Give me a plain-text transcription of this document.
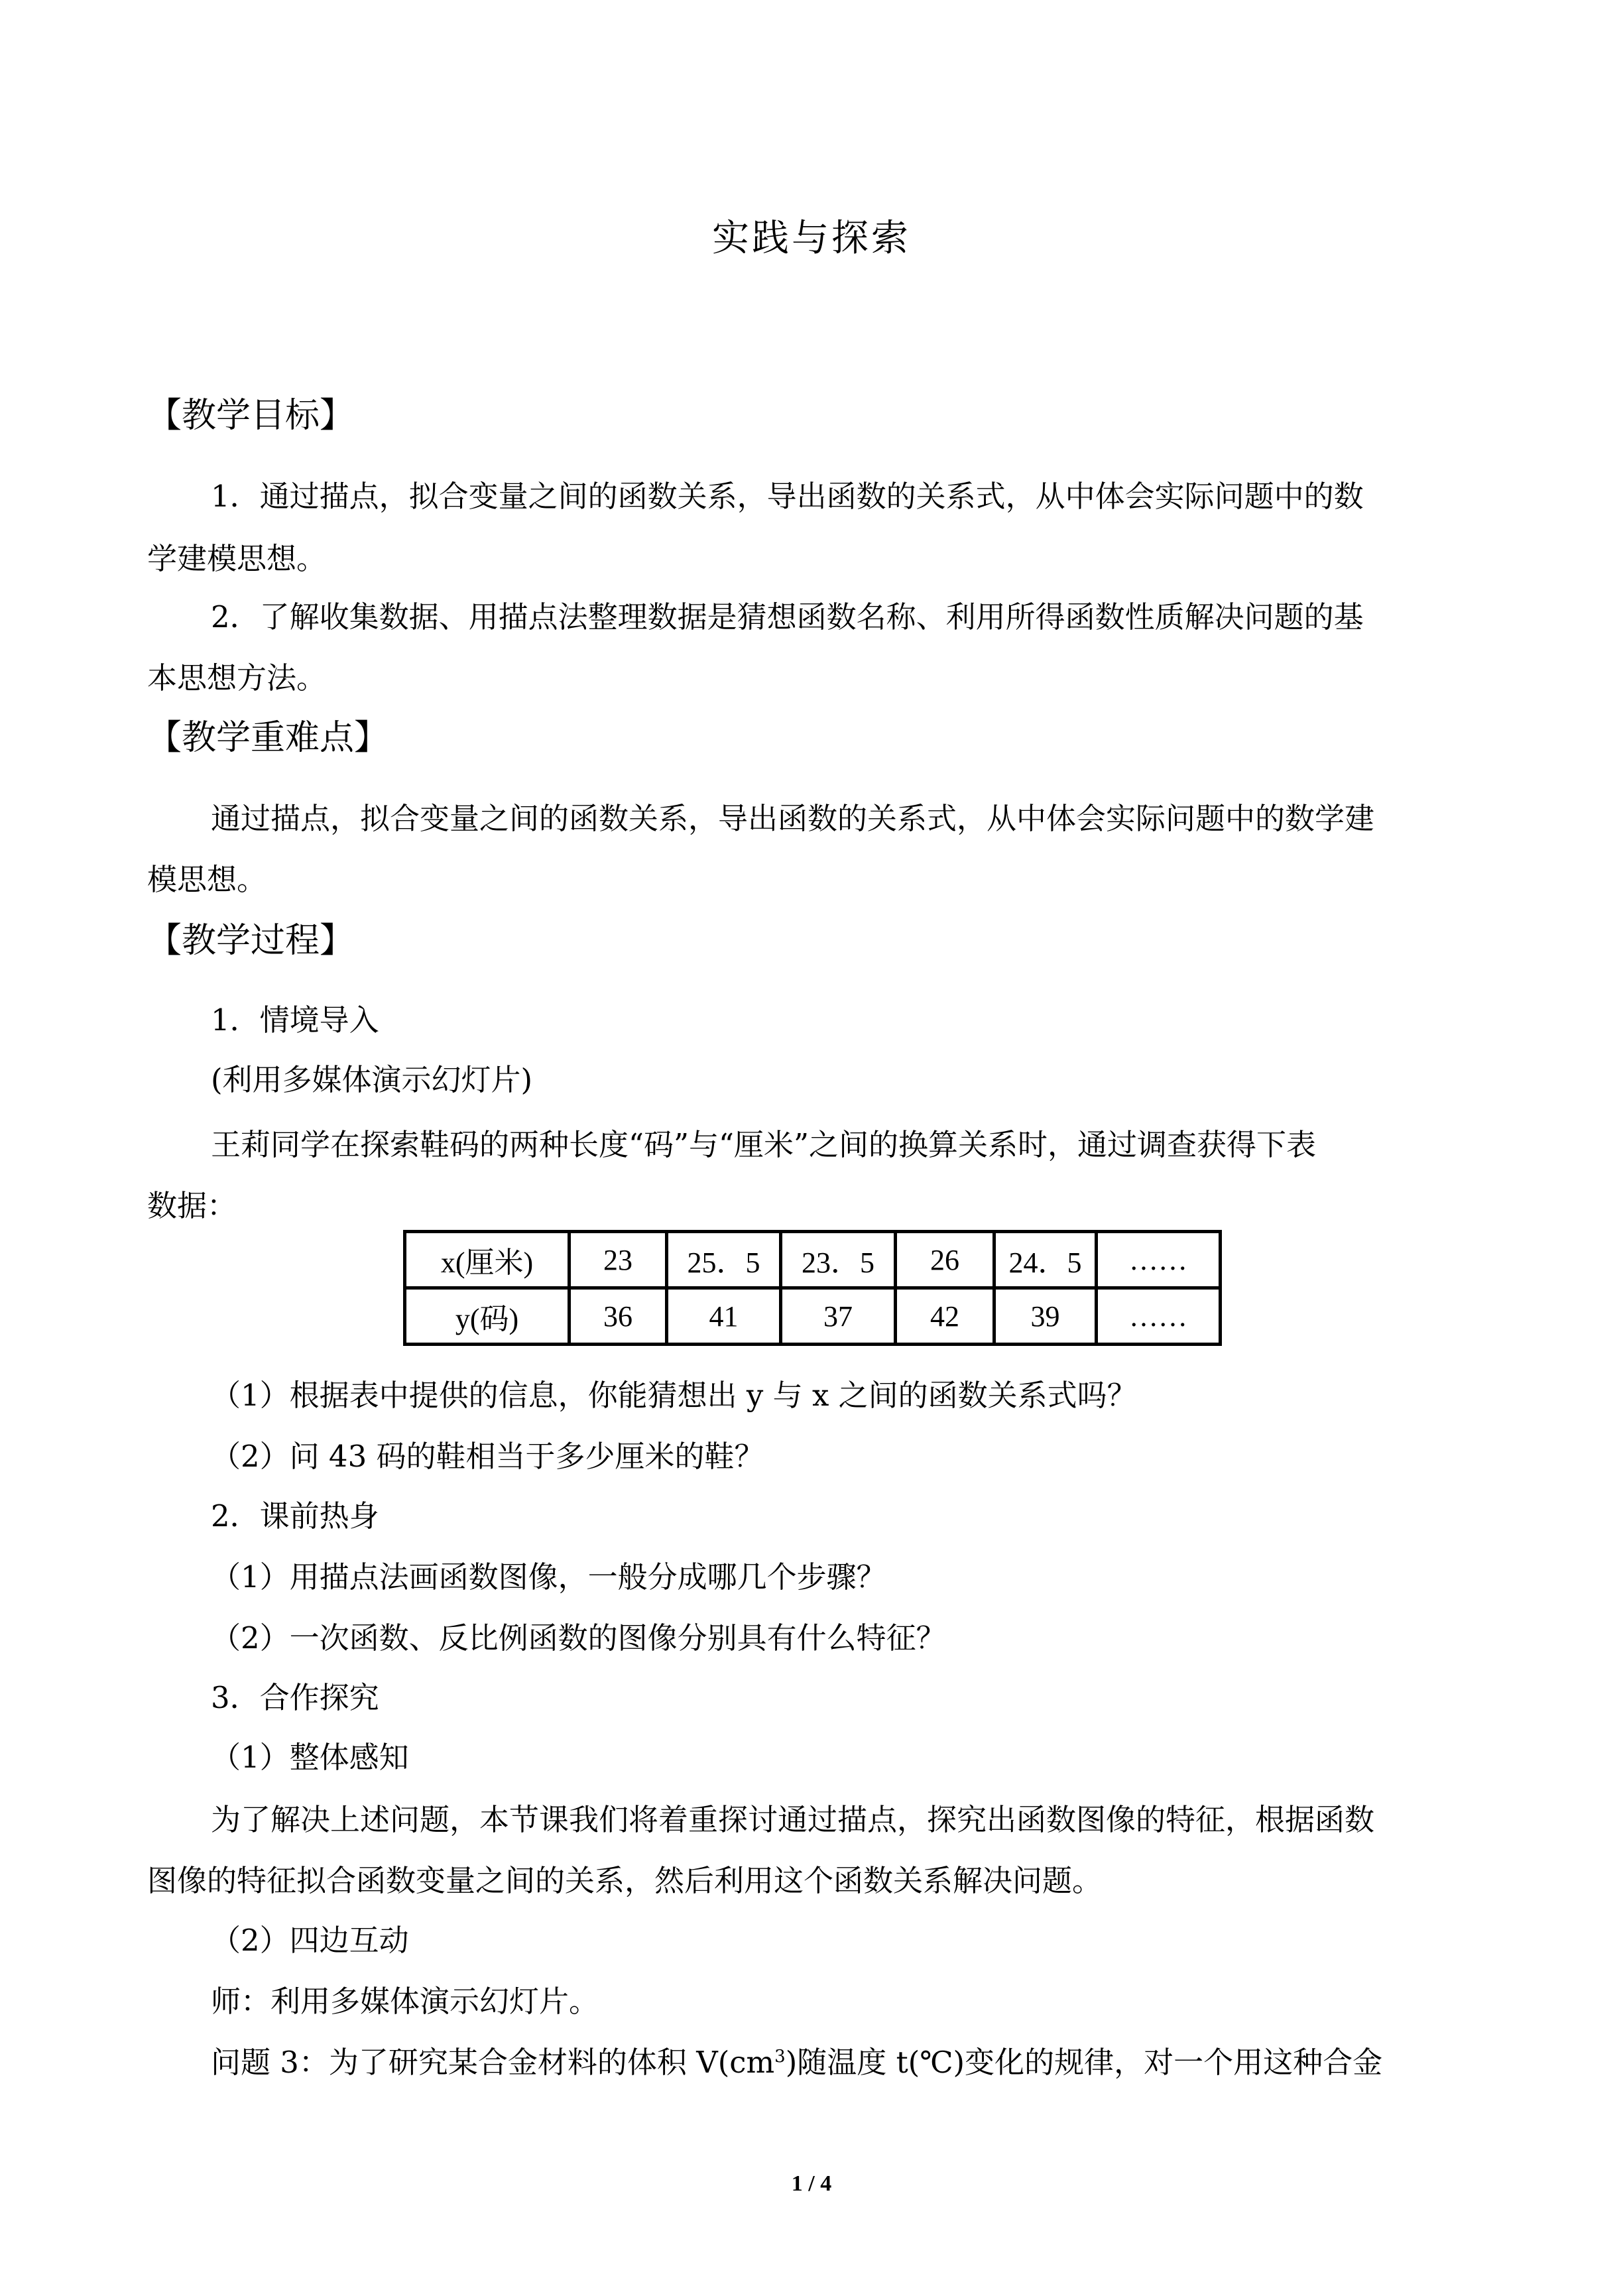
实践与探索
【教学目标】
1．通过描点，拟合变量之间的函数关系，导出函数的关系式，从中体会实际问题中的数
学建模思想。
2．了解收集数据、用描点法整理数据是猜想函数名称、利用所得函数性质解决问题的基
本思想方法。
【教学重难点】
通过描点，拟合变量之间的函数关系，导出函数的关系式，从中体会实际问题中的数学建
模思想。
【教学过程】
1．情境导入
(利用多媒体演示幻灯片)
王莉同学在探索鞋码的两种长度“码”与“厘米”之间的换算关系时，通过调查获得下表
数据：
x(厘米)	23	25．5	23．5	26	24．5	……
y(码)	36	41	37	42	39	……
（1）根据表中提供的信息，你能猜想出 y 与 x 之间的函数关系式吗？
（2）问 43 码的鞋相当于多少厘米的鞋？
2．课前热身
（1）用描点法画函数图像，一般分成哪几个步骤？
（2）一次函数、反比例函数的图像分别具有什么特征？
3．合作探究
（1）整体感知
为了解决上述问题，本节课我们将着重探讨通过描点，探究出函数图像的特征，根据函数
图像的特征拟合函数变量之间的关系，然后利用这个函数关系解决问题。
（2）四边互动
师：利用多媒体演示幻灯片。
问题 3：为了研究某合金材料的体积 $V(cm^3)$随温度 t(℃)变化的规律，对一个用这种合金
1 / 4
